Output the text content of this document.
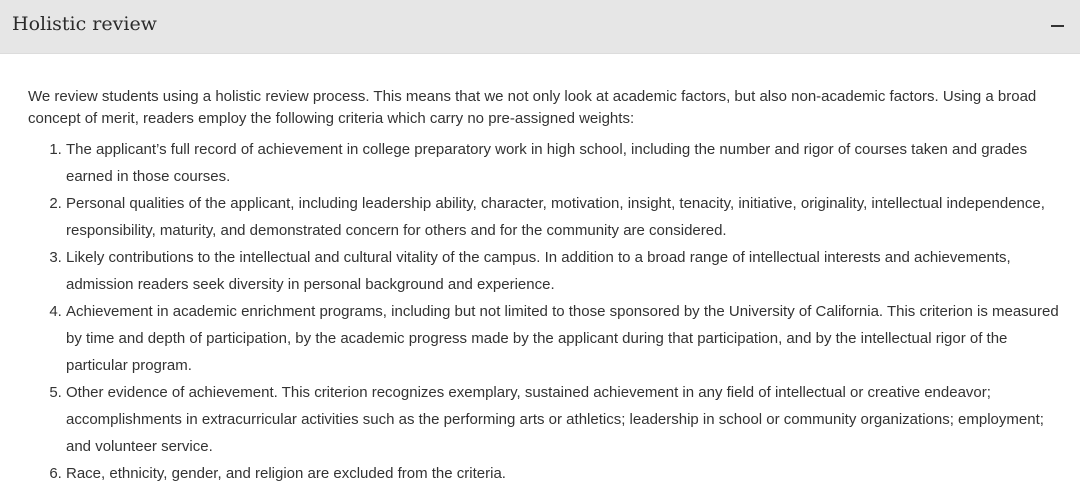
Holistic review

We review students using a holistic review process. This means that we not only look at academic factors, but also non-academic factors. Using a broad concept of merit, readers employ the following criteria which carry no pre-assigned weights:

1. The applicant’s full record of achievement in college preparatory work in high school, including the number and rigor of courses taken and grades earned in those courses.
2. Personal qualities of the applicant, including leadership ability, character, motivation, insight, tenacity, initiative, originality, intellectual independence, responsibility, maturity, and demonstrated concern for others and for the community are considered.
3. Likely contributions to the intellectual and cultural vitality of the campus. In addition to a broad range of intellectual interests and achievements, admission readers seek diversity in personal background and experience.
4. Achievement in academic enrichment programs, including but not limited to those sponsored by the University of California. This criterion is measured by time and depth of participation, by the academic progress made by the applicant during that participation, and by the intellectual rigor of the particular program.
5. Other evidence of achievement. This criterion recognizes exemplary, sustained achievement in any field of intellectual or creative endeavor; accomplishments in extracurricular activities such as the performing arts or athletics; leadership in school or community organizations; employment; and volunteer service.
6. Race, ethnicity, gender, and religion are excluded from the criteria.
